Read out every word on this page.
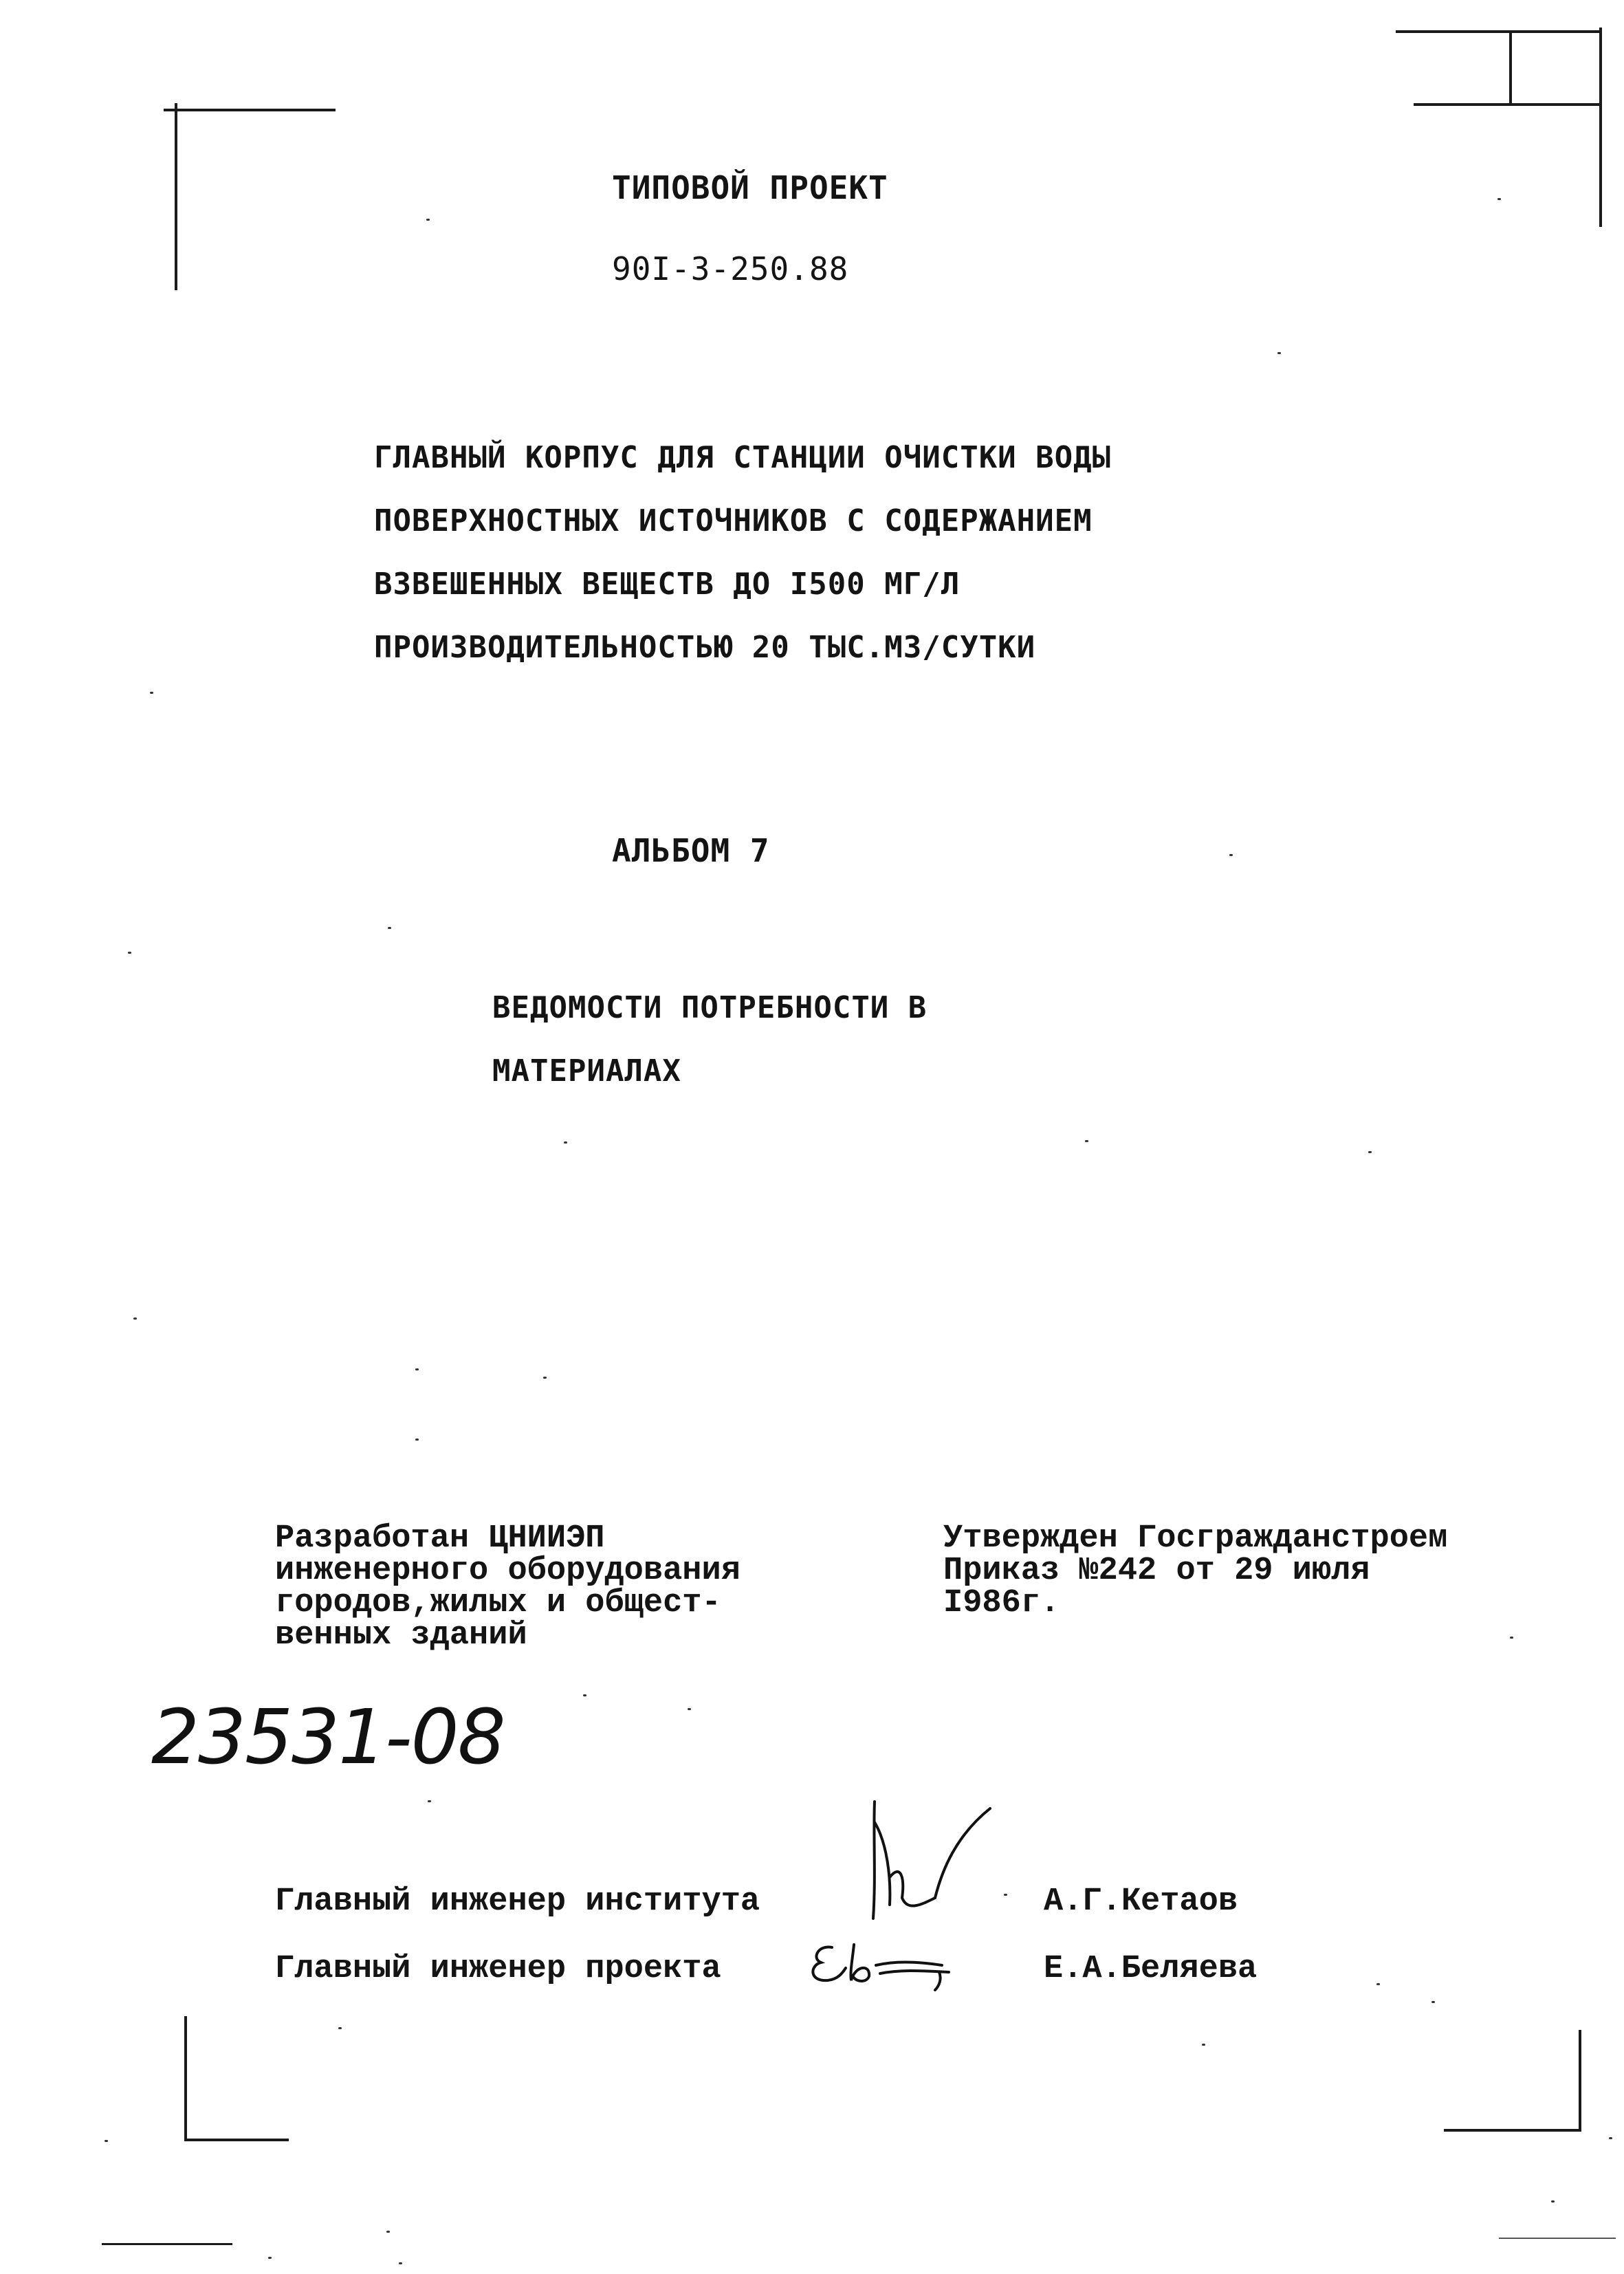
ТИПОВОЙ ПРОЕКТ
90I-3-250.88
ГЛАВНЫЙ КОРПУС ДЛЯ СТАНЦИИ ОЧИСТКИ ВОДЫ
ПОВЕРХНОСТНЫХ ИСТОЧНИКОВ С СОДЕРЖАНИЕМ
ВЗВЕШЕННЫХ ВЕЩЕСТВ ДО I500 МГ/Л
ПРОИЗВОДИТЕЛЬНОСТЬЮ 20 ТЫС.М3/СУТКИ
АЛЬБОМ 7
ВЕДОМОСТИ ПОТРЕБНОСТИ В
МАТЕРИАЛАХ
Разработан ЦНИИЭП
инженерного оборудования
городов,жилых и общест-
венных зданий
Утвержден Госгражданстроем
Приказ №242 от 29 июля
I986г.
23531-08
Главный инженер института	А.Г.Кетаов
Главный инженер проекта	Е.А.Беляева
